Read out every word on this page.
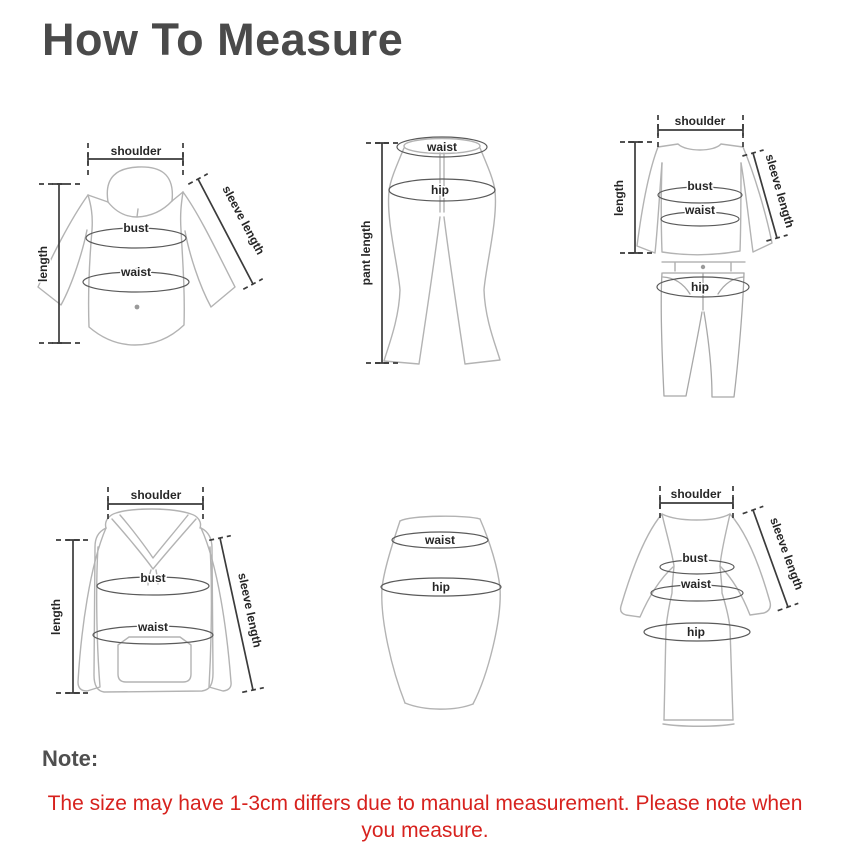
How To Measure
shoulder
length
bust
waist
sleeve length	pant length
waist
hip
shoulder
length	bust
waist	sleeve length
hip
shoulder
length
bust
waist	sleeve length
waist
hip
shoulder
bust
waist
hip
sleeve length
Note:

The size may have 1-3cm differs due to manual measurement. Please note when you measure.
